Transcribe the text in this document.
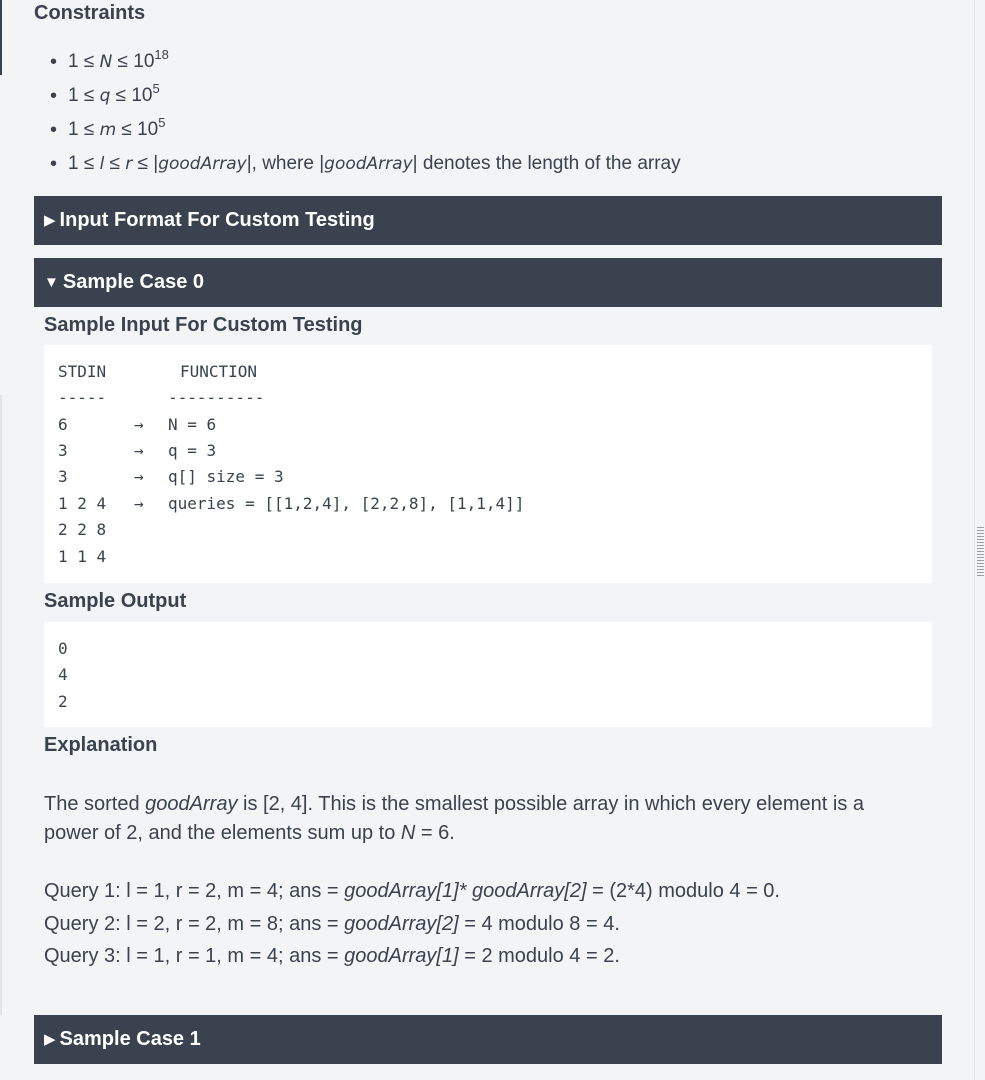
Constraints
• $1 \le N \le 10^{18}$
• $1 \le q \le 10^5$
• $1 \le m \le 10^5$
• 1 ≤ l ≤ r ≤ |goodArray|, where |goodArray| denotes the length of the array
▶ Input Format For Custom Testing
▼ Sample Case 0
Sample Input For Custom Testing
STDIN	FUNCTION
-----	----------
6	→ N = 6
3	→ q = 3
3	→ q[] size = 3
1 2 4 → queries = [[1,2,4], [2,2,8], [1,1,4]]
2 2 8
1 1 4
Sample Output
0
4
2
Explanation
The sorted goodArray is [2, 4]. This is the smallest possible array in which every element is a power of 2, and the elements sum up to N = 6.
Query 1: l = 1, r = 2, m = 4; ans = goodArray[1]* goodArray[2] = (2*4) modulo 4 = 0.
Query 2: l = 2, r = 2, m = 8; ans = goodArray[2] = 4 modulo 8 = 4.
Query 3: l = 1, r = 1, m = 4; ans = goodArray[1] = 2 modulo 4 = 2.
▶ Sample Case 1
